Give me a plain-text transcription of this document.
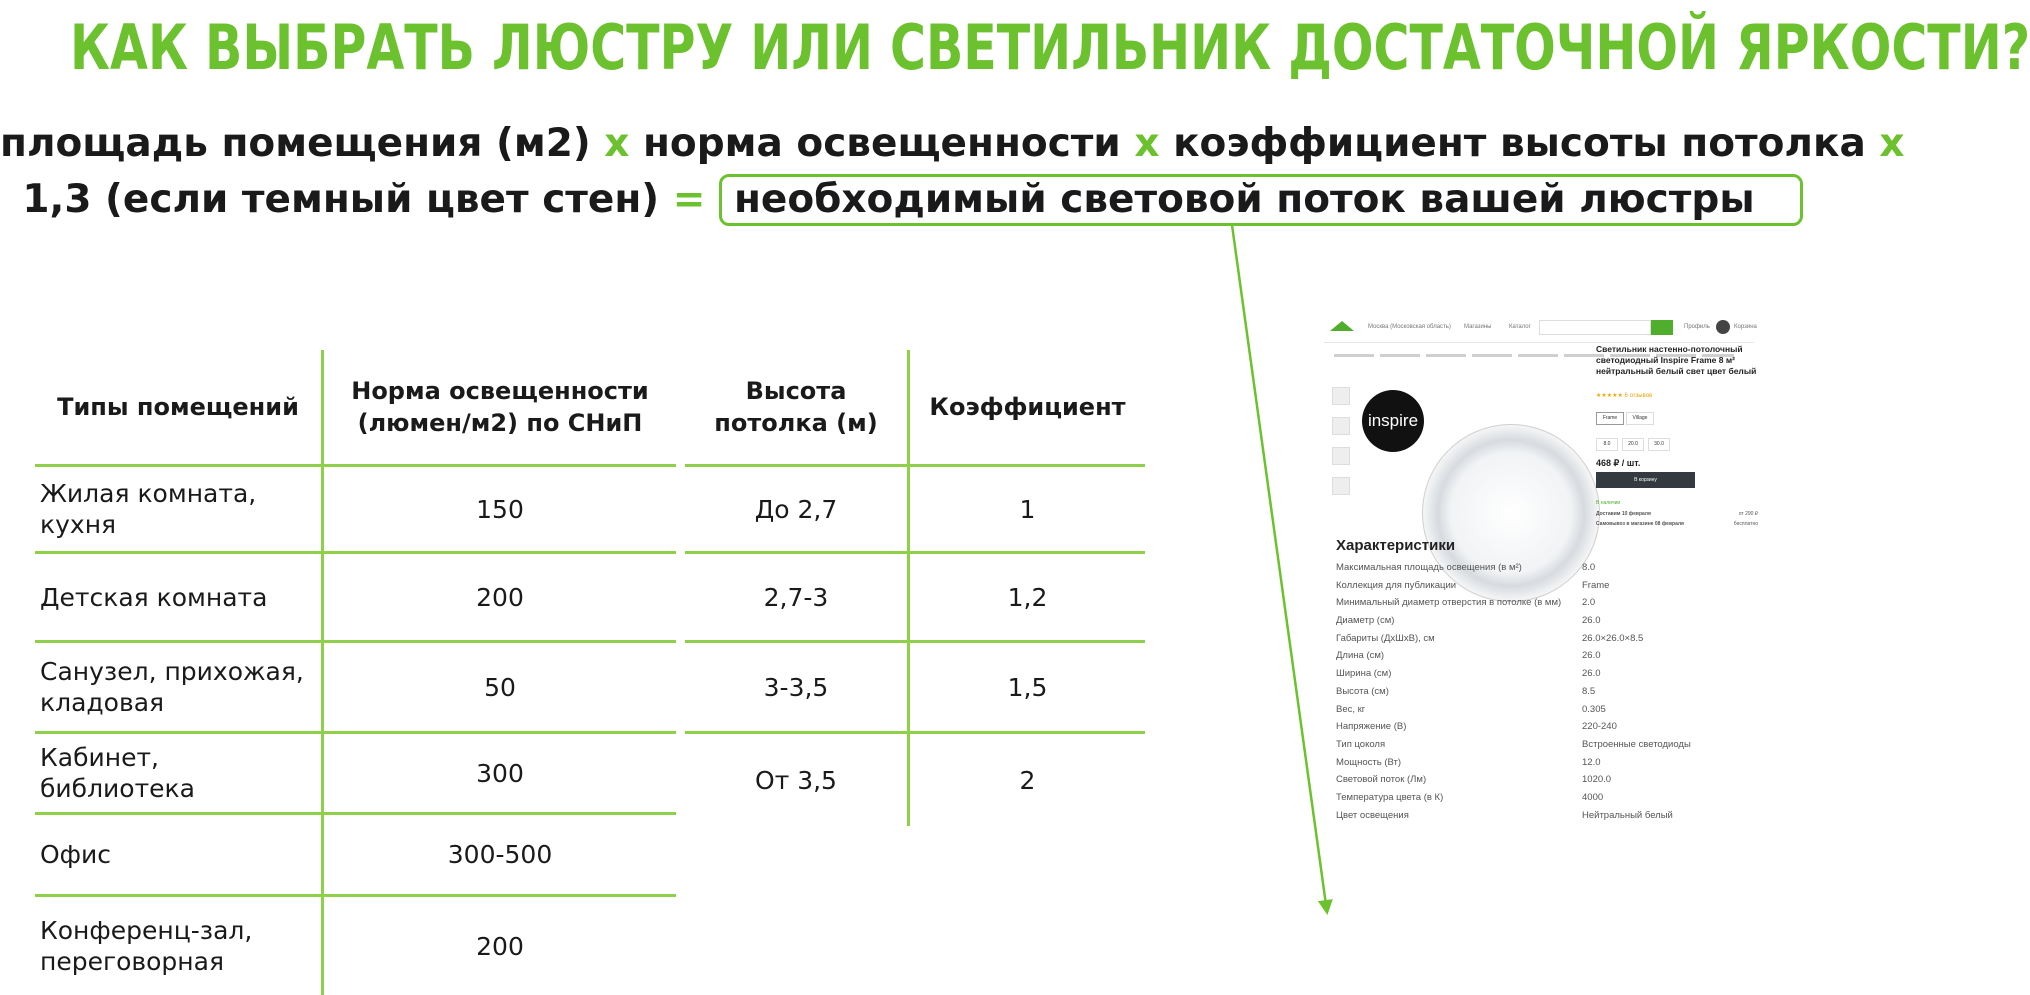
КАК ВЫБРАТЬ ЛЮСТРУ ИЛИ СВЕТИЛЬНИК ДОСТАТОЧНОЙ ЯРКОСТИ?
площадь помещения (м2) х норма освещенности х коэффициент высоты потолка х
1,3 (если темный цвет стен) = необходимый световой поток вашей люстры
Типы помещений	Норма освещенности (люмен/м2) по СНиП
Жилая комната, кухня	150
Детская комната	200
Санузел, прихожая, кладовая	50
Кабинет, библиотека	300
Офис	300-500
Конференц-зал, переговорная	200
Высота потолка (м)	Коэффициент
До 2,7	1
2,7-3	1,2
3-3,5	1,5
От 3,5	2
Москва (Московская область) Магазины	Каталог	Профиль	Корзина
inspire
Светильник настенно-потолочный светодиодный Inspire Frame 8 м² нейтральный белый свет цвет белый
★★★★★ 6 отзывов
Frame	Village
8.0	20.0	30.0
468 ₽ / шт.
В корзину
В наличии
Доставим 10 февраля	от 290 ₽
Самовывоз в магазине 08 февраля	бесплатно
Характеристики
Максимальная площадь освещения (в м²)	8.0
Коллекция для публикации	Frame
Минимальный диаметр отверстия в потолке (в мм) 2.0
Диаметр (см)	26.0
Габариты (ДхШхВ), см	26.0×26.0×8.5
Длина (см)	26.0
Ширина (см)	26.0
Высота (см)	8.5
Вес, кг	0.305
Напряжение (В)	220-240
Тип цоколя	Встроенные светодиоды
Мощность (Вт)	12.0
Световой поток (Лм)	1020.0
Температура цвета (в К)	4000
Цвет освещения	Нейтральный белый
